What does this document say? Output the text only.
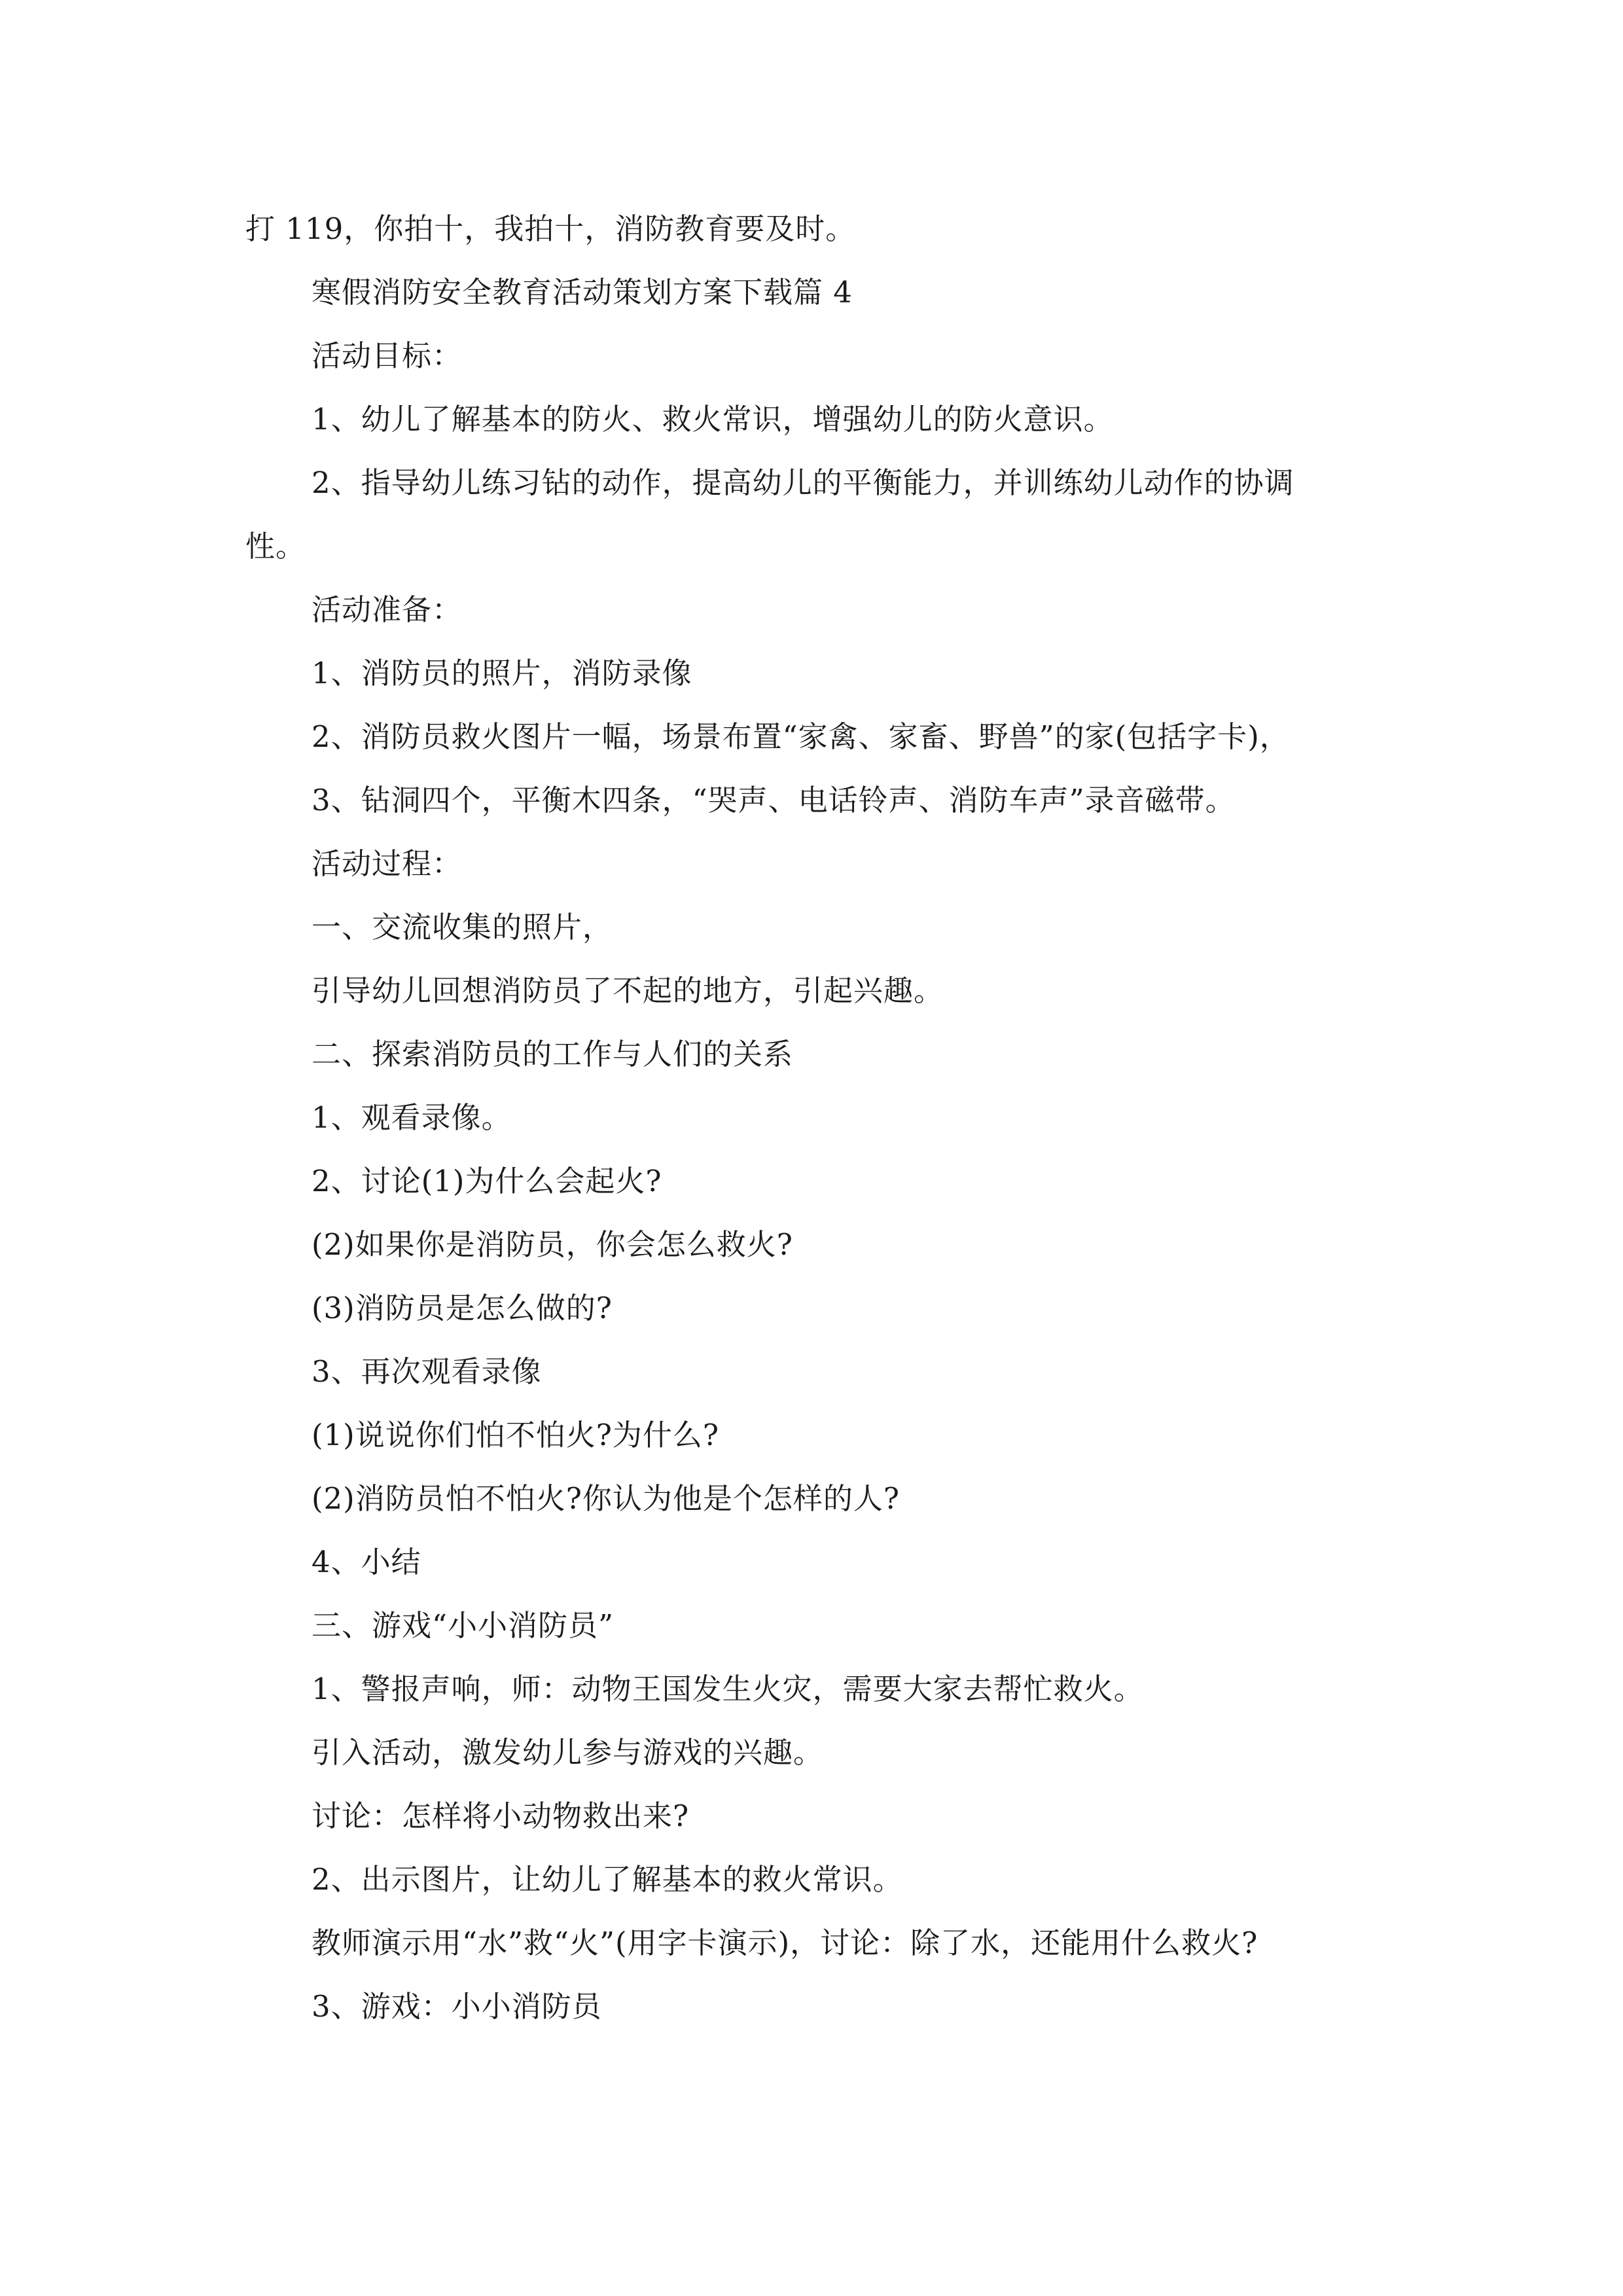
打 119，你拍十，我拍十，消防教育要及时。
寒假消防安全教育活动策划方案下载篇 4
活动目标：
1、幼儿了解基本的防火、救火常识，增强幼儿的防火意识。
2、指导幼儿练习钻的动作，提高幼儿的平衡能力，并训练幼儿动作的协调
性。
活动准备：
1、消防员的照片，消防录像
2、消防员救火图片一幅，场景布置“家禽、家畜、野兽”的家(包括字卡)，
3、钻洞四个，平衡木四条，“哭声、电话铃声、消防车声”录音磁带。
活动过程：
一、交流收集的照片，
引导幼儿回想消防员了不起的地方，引起兴趣。
二、探索消防员的工作与人们的关系
1、观看录像。
2、讨论(1)为什么会起火?
(2)如果你是消防员，你会怎么救火?
(3)消防员是怎么做的?
3、再次观看录像
(1)说说你们怕不怕火?为什么?
(2)消防员怕不怕火?你认为他是个怎样的人?
4、小结
三、游戏“小小消防员”
1、警报声响，师：动物王国发生火灾，需要大家去帮忙救火。
引入活动，激发幼儿参与游戏的兴趣。
讨论：怎样将小动物救出来?
2、出示图片，让幼儿了解基本的救火常识。
教师演示用“水”救“火”(用字卡演示)，讨论：除了水，还能用什么救火?
3、游戏：小小消防员
